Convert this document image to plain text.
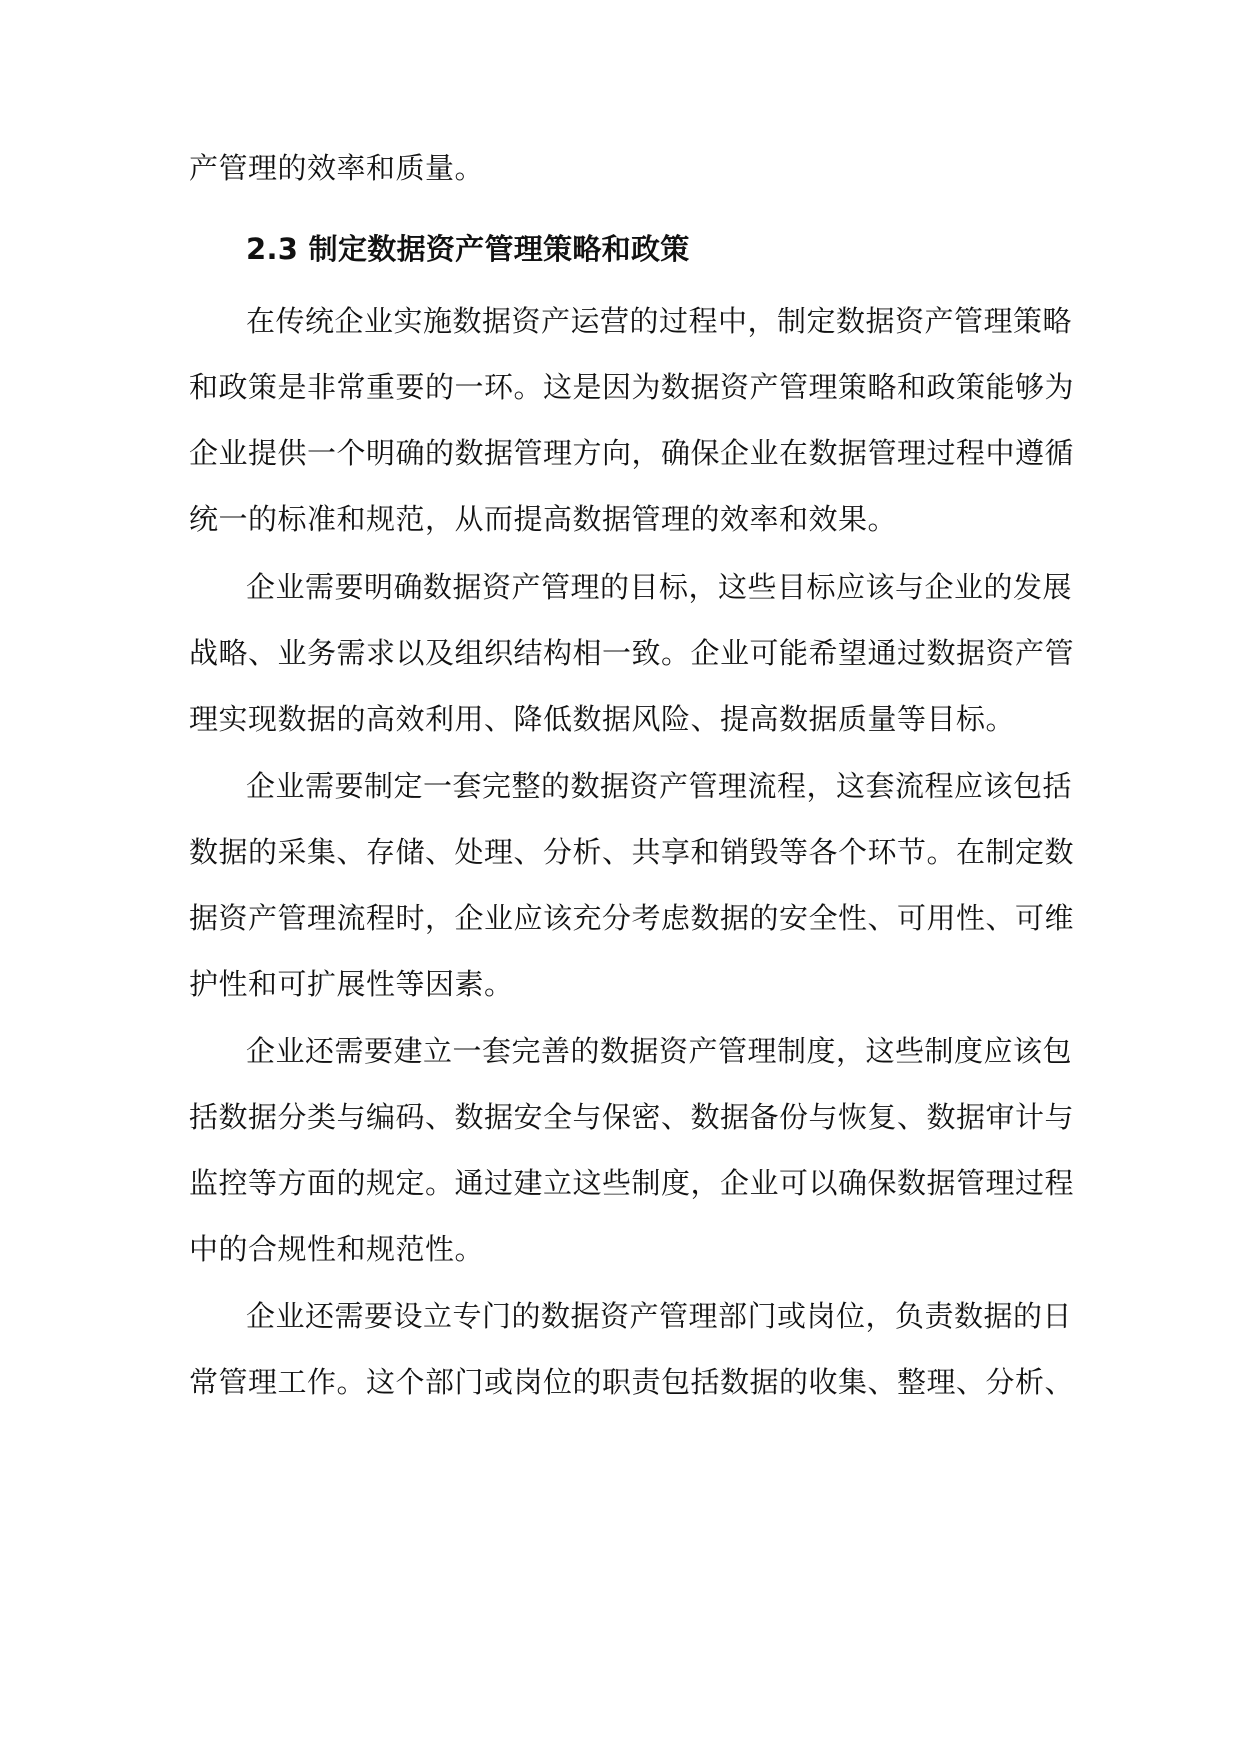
产管理的效率和质量。
2.3 制定数据资产管理策略和政策
在传统企业实施数据资产运营的过程中，制定数据资产管理策略
和政策是非常重要的一环。这是因为数据资产管理策略和政策能够为
企业提供一个明确的数据管理方向，确保企业在数据管理过程中遵循
统一的标准和规范，从而提高数据管理的效率和效果。
企业需要明确数据资产管理的目标，这些目标应该与企业的发展
战略、业务需求以及组织结构相一致。企业可能希望通过数据资产管
理实现数据的高效利用、降低数据风险、提高数据质量等目标。
企业需要制定一套完整的数据资产管理流程，这套流程应该包括
数据的采集、存储、处理、分析、共享和销毁等各个环节。在制定数
据资产管理流程时，企业应该充分考虑数据的安全性、可用性、可维
护性和可扩展性等因素。
企业还需要建立一套完善的数据资产管理制度，这些制度应该包
括数据分类与编码、数据安全与保密、数据备份与恢复、数据审计与
监控等方面的规定。通过建立这些制度，企业可以确保数据管理过程
中的合规性和规范性。
企业还需要设立专门的数据资产管理部门或岗位，负责数据的日
常管理工作。这个部门或岗位的职责包括数据的收集、整理、分析、
